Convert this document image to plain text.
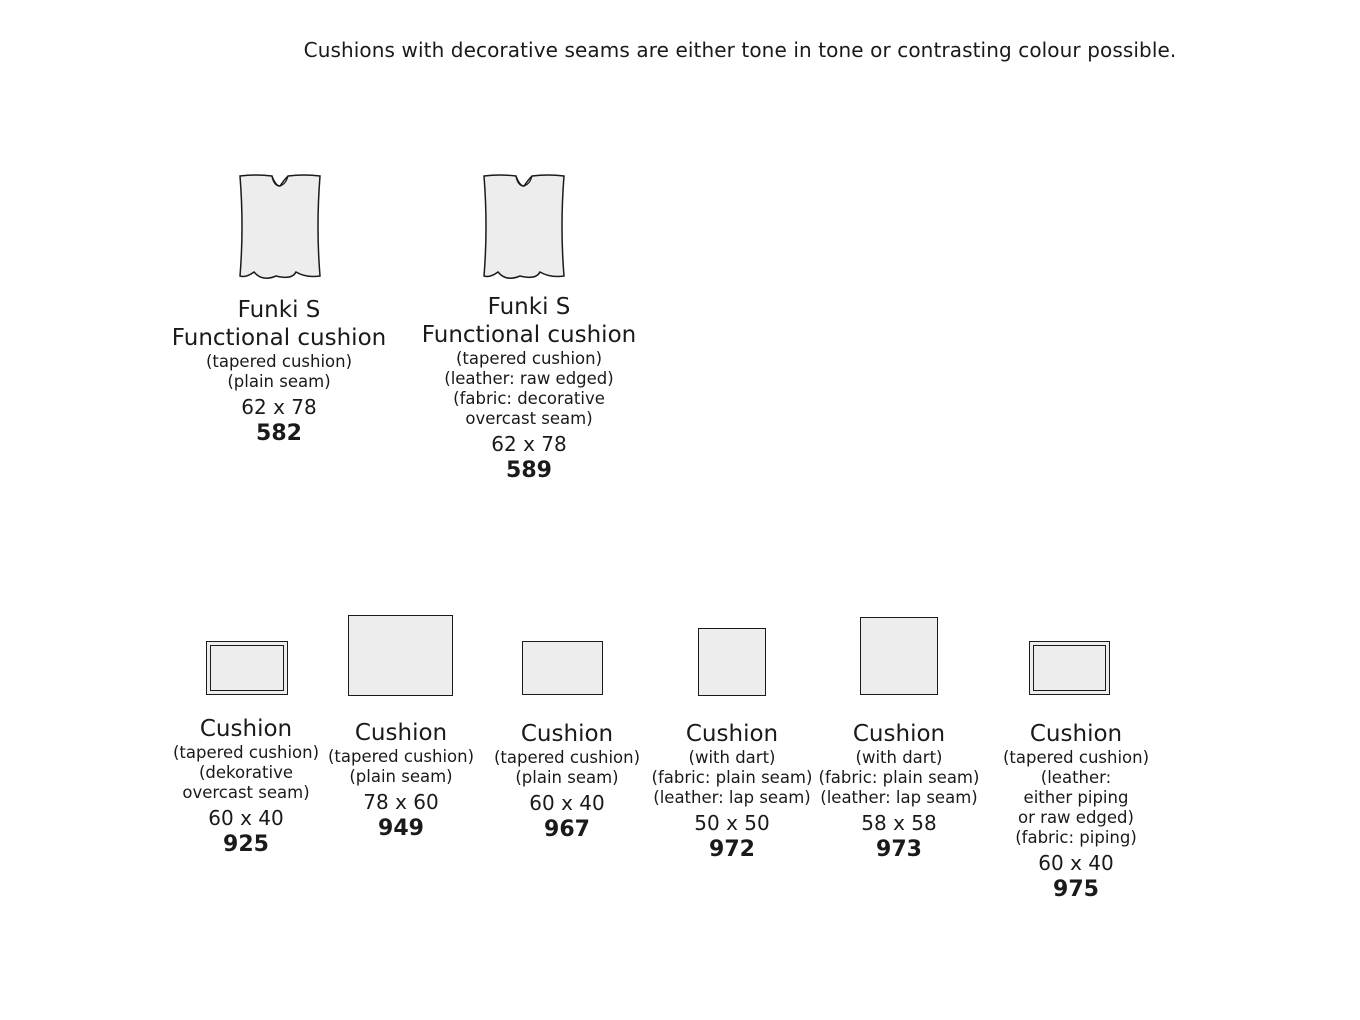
Cushions with decorative seams are either tone in tone or contrasting colour possible.
Funki S
Functional cushion
(tapered cushion)
(plain seam)
62 x 78
582
Funki S
Functional cushion
(tapered cushion)
(leather: raw edged)
(fabric: decorative
overcast seam)
62 x 78
589
Cushion
(tapered cushion)
(dekorative
overcast seam)
60 x 40
925
Cushion
(tapered cushion)
(plain seam)
78 x 60
949
Cushion
(tapered cushion)
(plain seam)
60 x 40
967
Cushion
(with dart)
(fabric: plain seam)
(leather: lap seam)
50 x 50
972
Cushion
(with dart)
(fabric: plain seam)
(leather: lap seam)
58 x 58
973
Cushion
(tapered cushion)
(leather:
either piping
or raw edged)
(fabric: piping)
60 x 40
975
